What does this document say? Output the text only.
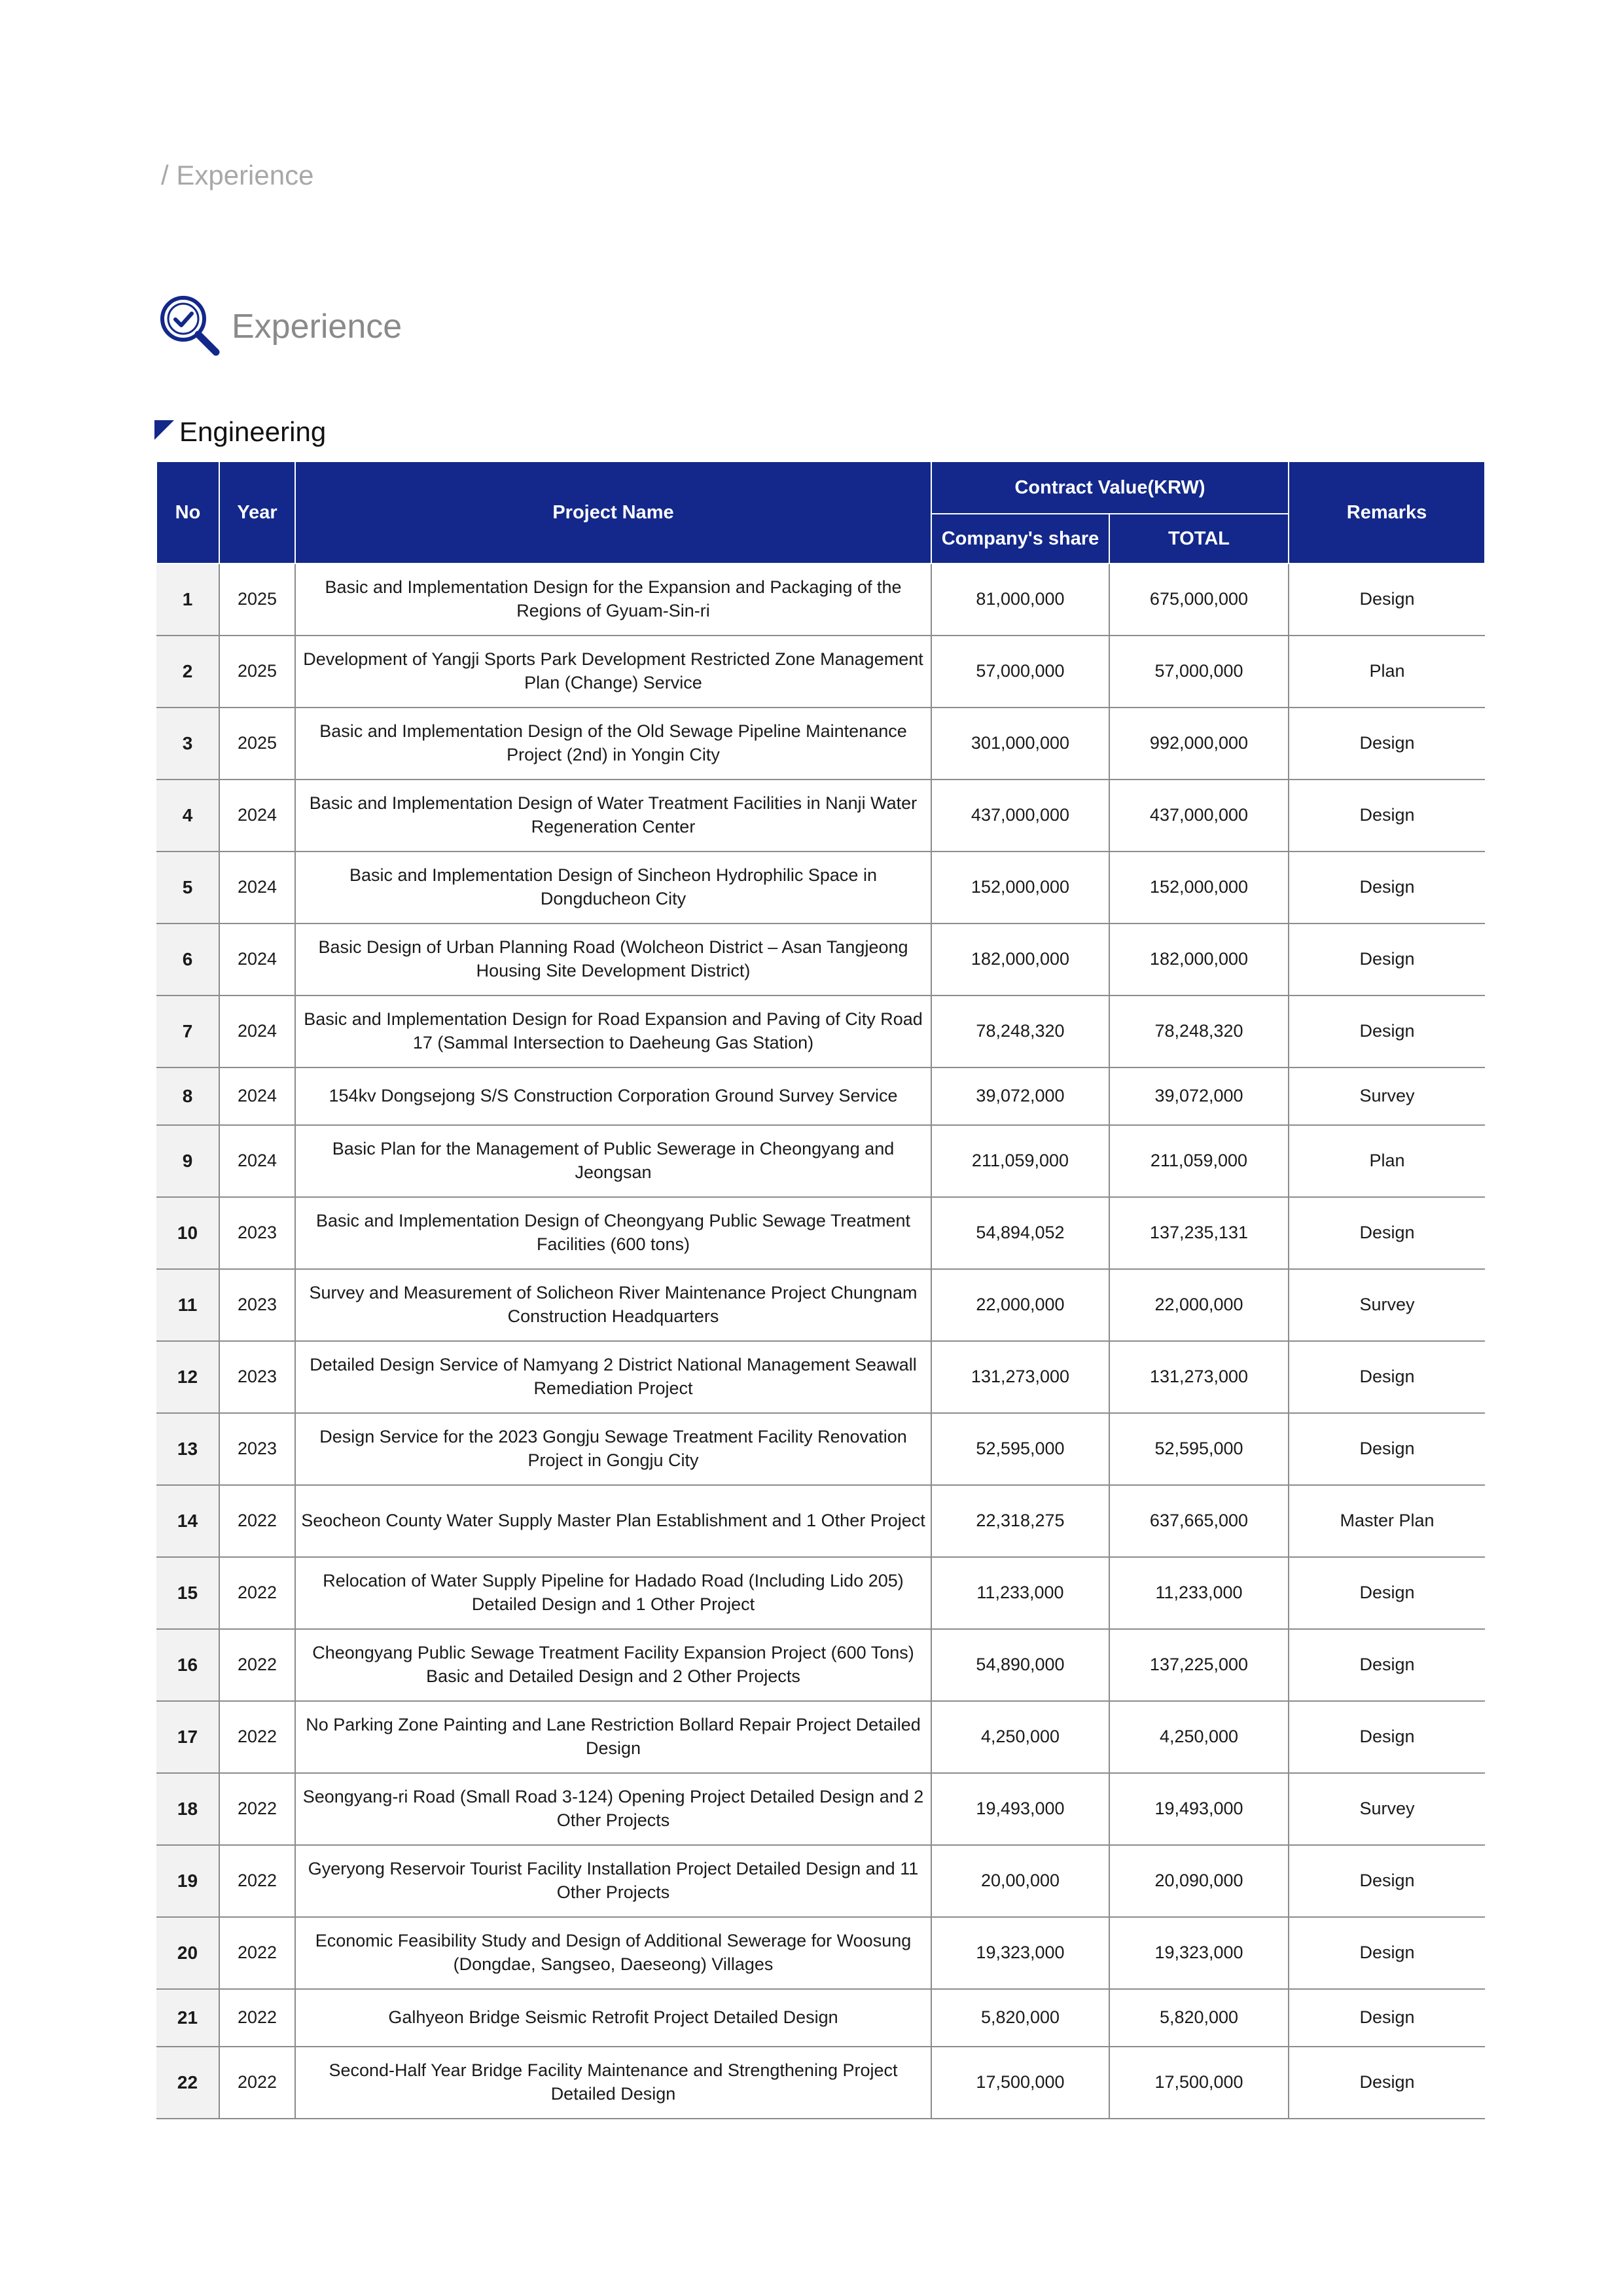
/ Experience
Experience
Engineering
No	Year	Project Name	Contract Value(KRW)		Remarks
			Company's share	TOTAL	
1	2025	Basic and Implementation Design for the Expansion and Packaging of the Regions of Gyuam-Sin-ri	81,000,000	675,000,000	Design
2	2025	Development of Yangji Sports Park Development Restricted Zone Management Plan (Change) Service	57,000,000	57,000,000	Plan
3	2025	Basic and Implementation Design of the Old Sewage Pipeline Maintenance Project (2nd) in Yongin City	301,000,000	992,000,000	Design
4	2024	Basic and Implementation Design of Water Treatment Facilities in Nanji Water Regeneration Center	437,000,000	437,000,000	Design
5	2024	Basic and Implementation Design of Sincheon Hydrophilic Space in Dongducheon City	152,000,000	152,000,000	Design
6	2024	Basic Design of Urban Planning Road (Wolcheon District – Asan Tangjeong Housing Site Development District)	182,000,000	182,000,000	Design
7	2024	Basic and Implementation Design for Road Expansion and Paving of City Road 17 (Sammal Intersection to Daeheung Gas Station)	78,248,320	78,248,320	Design
8	2024	154kv Dongsejong S/S Construction Corporation Ground Survey Service	39,072,000	39,072,000	Survey
9	2024	Basic Plan for the Management of Public Sewerage in Cheongyang and Jeongsan	211,059,000	211,059,000	Plan
10	2023	Basic and Implementation Design of Cheongyang Public Sewage Treatment Facilities (600 tons)	54,894,052	137,235,131	Design
11	2023	Survey and Measurement of Solicheon River Maintenance Project Chungnam Construction Headquarters	22,000,000	22,000,000	Survey
12	2023	Detailed Design Service of Namyang 2 District National Management Seawall Remediation Project	131,273,000	131,273,000	Design
13	2023	Design Service for the 2023 Gongju Sewage Treatment Facility Renovation Project in Gongju City	52,595,000	52,595,000	Design
14	2022	Seocheon County Water Supply Master Plan Establishment and 1 Other Project	22,318,275	637,665,000	Master Plan
15	2022	Relocation of Water Supply Pipeline for Hadado Road (Including Lido 205) Detailed Design and 1 Other Project	11,233,000	11,233,000	Design
16	2022	Cheongyang Public Sewage Treatment Facility Expansion Project (600 Tons) Basic and Detailed Design and 2 Other Projects	54,890,000	137,225,000	Design
17	2022	No Parking Zone Painting and Lane Restriction Bollard Repair Project Detailed Design	4,250,000	4,250,000	Design
18	2022	Seongyang-ri Road (Small Road 3-124) Opening Project Detailed Design and 2 Other Projects	19,493,000	19,493,000	Survey
19	2022	Gyeryong Reservoir Tourist Facility Installation Project Detailed Design and 11 Other Projects	20,00,000	20,090,000	Design
20	2022	Economic Feasibility Study and Design of Additional Sewerage for Woosung (Dongdae, Sangseo, Daeseong) Villages	19,323,000	19,323,000	Design
21	2022	Galhyeon Bridge Seismic Retrofit Project Detailed Design	5,820,000	5,820,000	Design
22	2022	Second-Half Year Bridge Facility Maintenance and Strengthening Project Detailed Design	17,500,000	17,500,000	Design
